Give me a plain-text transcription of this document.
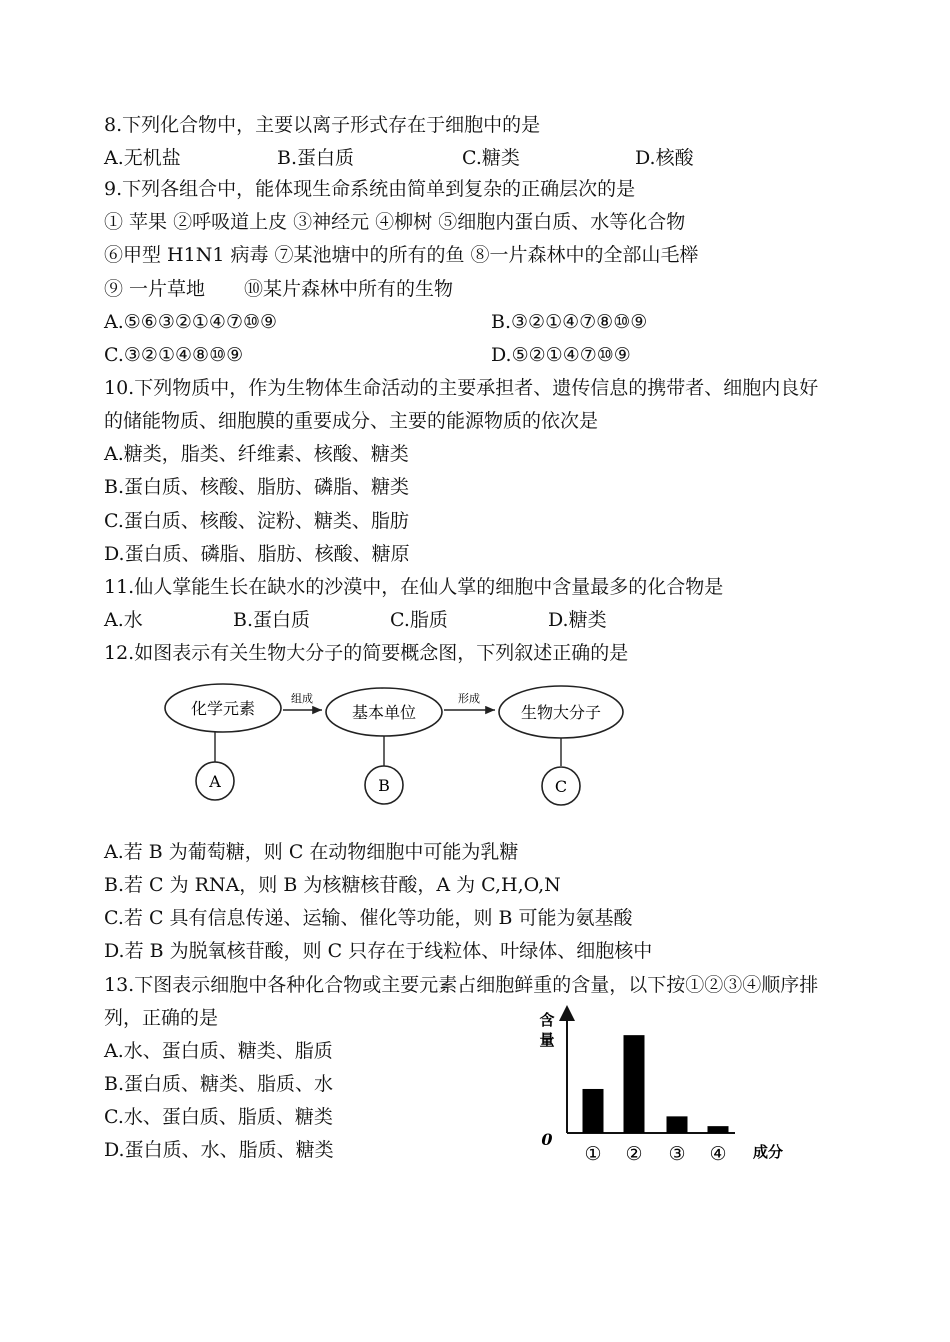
8.下列化合物中，主要以离子形式存在于细胞中的是
A.无机盐	B.蛋白质	C.糖类	D.核酸
9.下列各组合中，能体现生命系统由简单到复杂的正确层次的是
① 苹果 ②呼吸道上皮 ③神经元 ④柳树 ⑤细胞内蛋白质、水等化合物
⑥甲型 H1N1 病毒 ⑦某池塘中的所有的鱼 ⑧一片森林中的全部山毛榉
⑨ 一片草地 ⑩某片森林中所有的生物
A.⑤⑥③②①④⑦⑩⑨	B.③②①④⑦⑧⑩⑨
C.③②①④⑧⑩⑨	D.⑤②①④⑦⑩⑨
10.下列物质中，作为生物体生命活动的主要承担者、遗传信息的携带者、细胞内良好
的储能物质、细胞膜的重要成分、主要的能源物质的依次是
A.糖类，脂类、纤维素、核酸、糖类
B.蛋白质、核酸、脂肪、磷脂、糖类
C.蛋白质、核酸、淀粉、糖类、脂肪
D.蛋白质、磷脂、脂肪、核酸、糖原
11.仙人掌能生长在缺水的沙漠中，在仙人掌的细胞中含量最多的化合物是
A.水	B.蛋白质	C.脂质	D.糖类
12.如图表示有关生物大分子的简要概念图，下列叙述正确的是
化学元素	基本单位	生物大分子
组成	形成
A	B	C
A.若 B 为葡萄糖，则 C 在动物细胞中可能为乳糖
B.若 C 为 RNA，则 B 为核糖核苷酸，A 为 C,H,O,N
C.若 C 具有信息传递、运输、催化等功能，则 B 可能为氨基酸
D.若 B 为脱氧核苷酸，则 C 只存在于线粒体、叶绿体、细胞核中
13.下图表示细胞中各种化合物或主要元素占细胞鲜重的含量，以下按①②③④顺序排
列，正确的是
A.水、蛋白质、糖类、脂质
B.蛋白质、糖类、脂质、水
C.水、蛋白质、脂质、糖类
D.蛋白质、水、脂质、糖类
含
量
含量
0
① ② ③ ④ 成分
